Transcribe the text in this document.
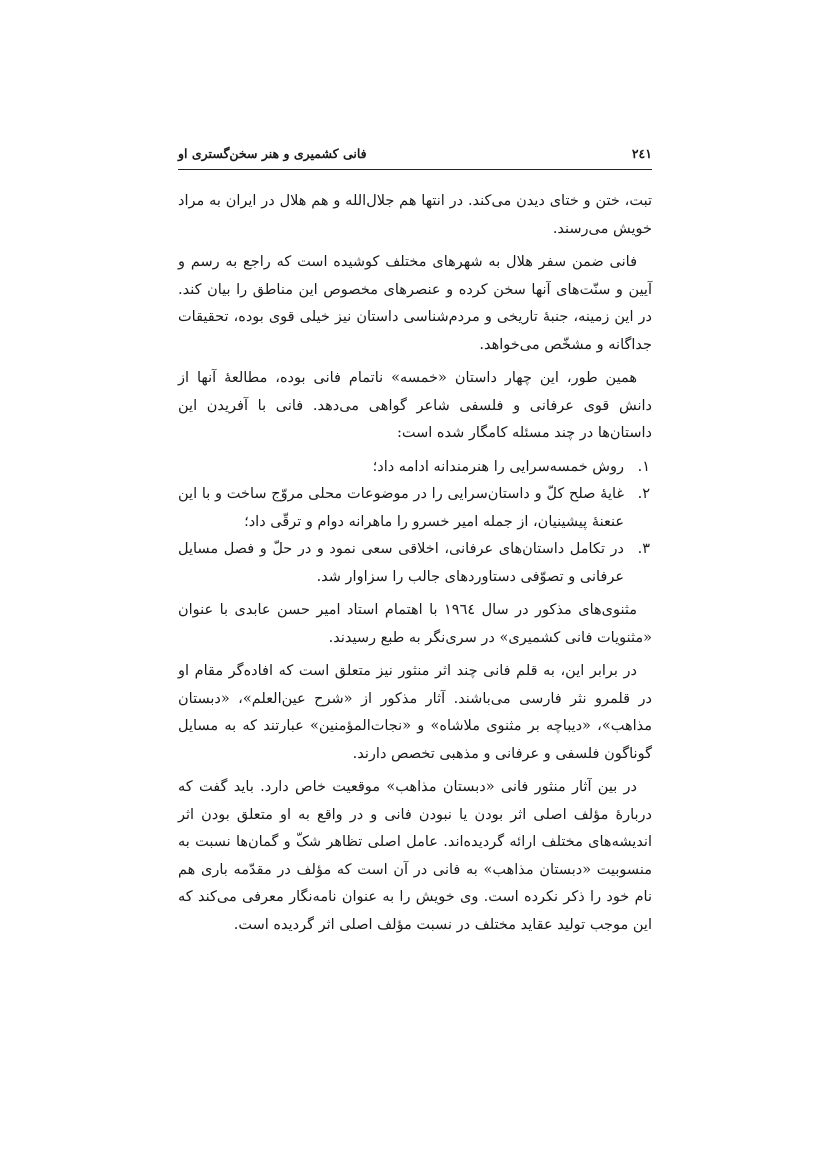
۲٤۱
فانی کشمیری و هنر سخن‌گستری او

تبت، ختن و ختای دیدن می‌کند. در انتها هم جلال‌الله و هم هلال در ایران به مراد خویش می‌رسند.

فانی ضمن سفر هلال به شهرهای مختلف کوشیده است که راجع به رسم و آیین و سنّت‌های آنها سخن کرده و عنصرهای مخصوص این مناطق را بیان کند. در این زمینه، جنبهٔ تاریخی و مردم‌شناسی داستان نیز خیلی قوی بوده، تحقیقات جداگانه و مشخّص می‌خواهد.

همین طور، این چهار داستان «خمسه» ناتمام فانی بوده، مطالعهٔ آنها از دانش قوی عرفانی و فلسفی شاعر گواهی می‌دهد. فانی با آفریدن این داستان‌ها در چند مسئله کامگار شده است:

۱.
روش خمسه‌سرایی را هنرمندانه ادامه داد؛
۲.
غایهٔ صلح کلّ و داستان‌سرایی را در موضوعات محلی مروّج ساخت و با این عنعنهٔ پیشینیان، از جمله امیر خسرو را ماهرانه دوام و ترقّی داد؛
۳.
در تکامل داستان‌های عرفانی، اخلاقی سعی نمود و در حلّ و فصل مسایل عرفانی و تصوّفی دستاوردهای جالب را سزاوار شد.

مثنوی‌های مذکور در سال ۱۹٦٤ با اهتمام استاد امیر حسن عابدی با عنوان «مثنویات فانی کشمیری» در سری‌نگر به طبع رسیدند.

در برابر این، به قلم فانی چند اثر منثور نیز متعلق است که افاده‌گر مقام او در قلمرو نثر فارسی می‌باشند. آثار مذکور از «شرح عین‌العلم»، «دبستان مذاهب»، «دیباچه بر مثنوی ملاشاه» و «نجات‌المؤمنین» عبارتند که به مسایل گوناگون فلسفی و عرفانی و مذهبی تخصص دارند.

در بین آثار منثور فانی «دبستان مذاهب» موقعیت خاص دارد. باید گفت که دربارهٔ مؤلف اصلی اثر بودن یا نبودن فانی و در واقع به او متعلق بودن اثر اندیشه‌های مختلف ارائه گردیده‌اند. عامل اصلی تظاهر شکّ و گمان‌ها نسبت به منسوبیت «دبستان مذاهب» به فانی در آن است که مؤلف در مقدّمه باری هم نام خود را ذکر نکرده است. وی خویش را به عنوان نامه‌نگار معرفی می‌کند که این موجب تولید عقاید مختلف در نسبت مؤلف اصلی اثر گردیده است.
